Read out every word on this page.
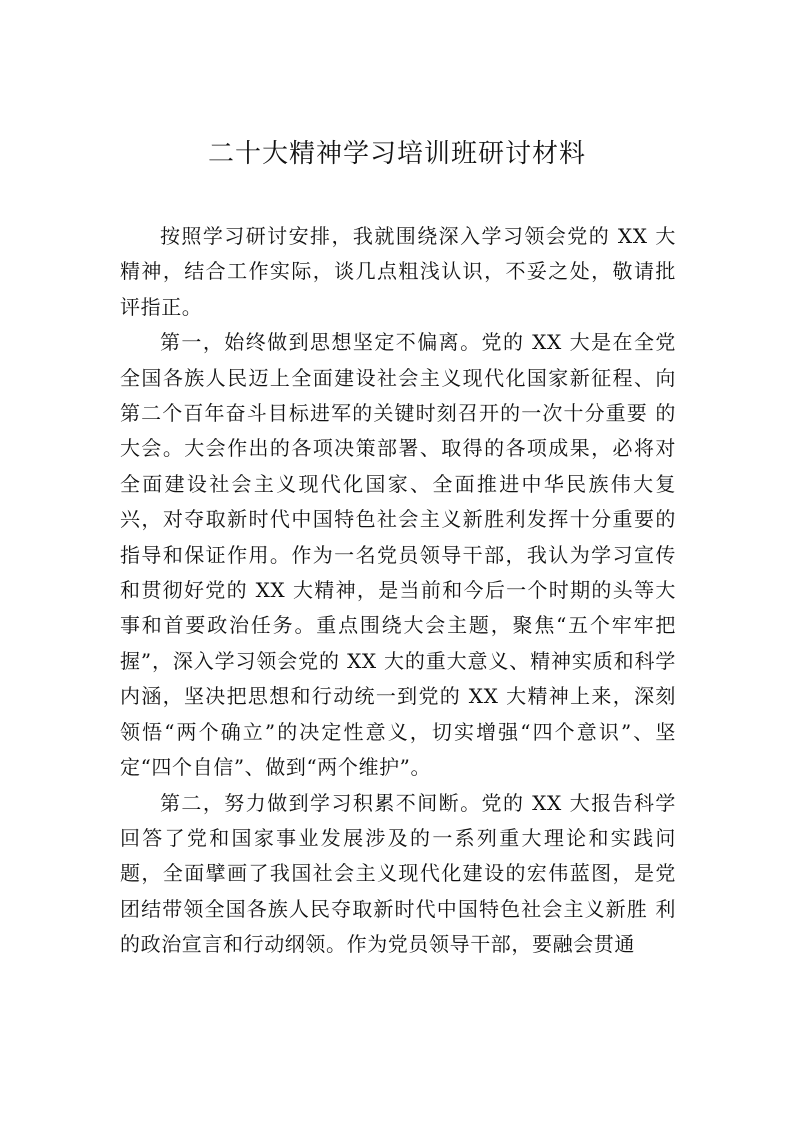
二十大精神学习培训班研讨材料

按照学习研讨安排，我就围绕深入学习领会党的 XX 大精神，结合工作实际，谈几点粗浅认识，不妥之处，敬请批评指正。

第一，始终做到思想坚定不偏离。党的 XX 大是在全党全国各族人民迈上全面建设社会主义现代化国家新征程、向第二个百年奋斗目标进军的关键时刻召开的一次十分重要 的大会。大会作出的各项决策部署、取得的各项成果，必将对全面建设社会主义现代化国家、全面推进中华民族伟大复兴，对夺取新时代中国特色社会主义新胜利发挥十分重要的指导和保证作用。作为一名党员领导干部，我认为学习宣传和贯彻好党的 XX 大精神，是当前和今后一个时期的头等大事和首要政治任务。重点围绕大会主题，聚焦“五个牢牢把握”，深入学习领会党的 XX 大的重大意义、精神实质和科学内涵，坚决把思想和行动统一到党的 XX 大精神上来，深刻领悟“两个确立”的决定性意义，切实增强“四个意识”、坚定“四个自信”、做到“两个维护”。

第二，努力做到学习积累不间断。党的 XX 大报告科学回答了党和国家事业发展涉及的一系列重大理论和实践问 题，全面擘画了我国社会主义现代化建设的宏伟蓝图，是党团结带领全国各族人民夺取新时代中国特色社会主义新胜 利的政治宣言和行动纲领。作为党员领导干部，要融会贯通
